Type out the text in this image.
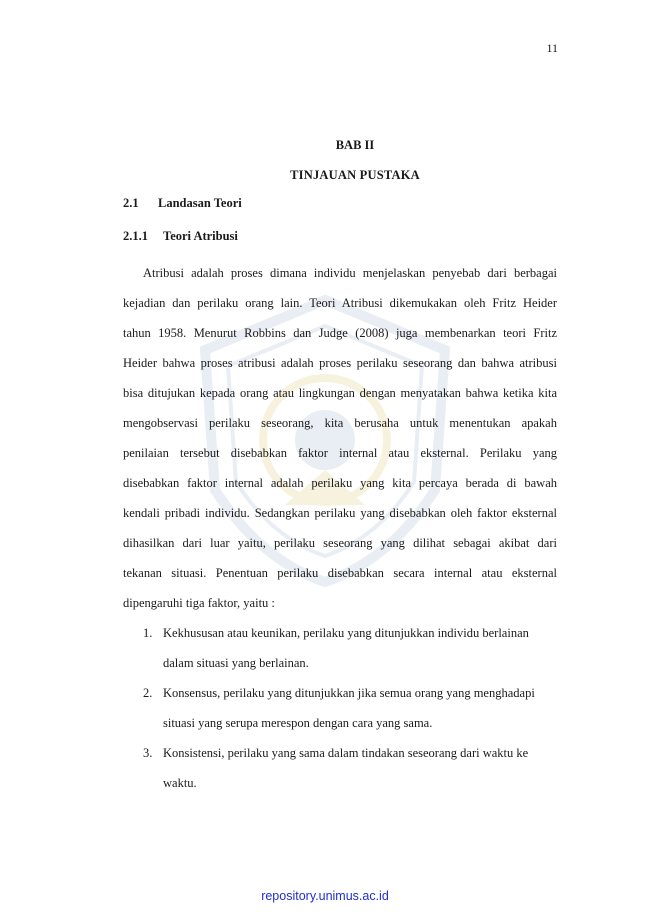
11
BAB II
TINJAUAN PUSTAKA
2.1 Landasan Teori
2.1.1 Teori Atribusi
Atribusi adalah proses dimana individu menjelaskan penyebab dari berbagai
kejadian dan perilaku orang lain. Teori Atribusi dikemukakan oleh Fritz Heider
tahun 1958. Menurut Robbins dan Judge (2008) juga membenarkan teori Fritz
Heider bahwa proses atribusi adalah proses perilaku seseorang dan bahwa atribusi
bisa ditujukan kepada orang atau lingkungan dengan menyatakan bahwa ketika kita
mengobservasi perilaku seseorang, kita berusaha untuk menentukan apakah
penilaian tersebut disebabkan faktor internal atau eksternal. Perilaku yang
disebabkan faktor internal adalah perilaku yang kita percaya berada di bawah
kendali pribadi individu. Sedangkan perilaku yang disebabkan oleh faktor eksternal
dihasilkan dari luar yaitu, perilaku seseorang yang dilihat sebagai akibat dari
tekanan situasi. Penentuan perilaku disebabkan secara internal atau eksternal
dipengaruhi tiga faktor, yaitu :
1. Kekhususan atau keunikan, perilaku yang ditunjukkan individu berlainan
dalam situasi yang berlainan.
2. Konsensus, perilaku yang ditunjukkan jika semua orang yang menghadapi
situasi yang serupa merespon dengan cara yang sama.
3. Konsistensi, perilaku yang sama dalam tindakan seseorang dari waktu ke
waktu.
repository.unimus.ac.id
